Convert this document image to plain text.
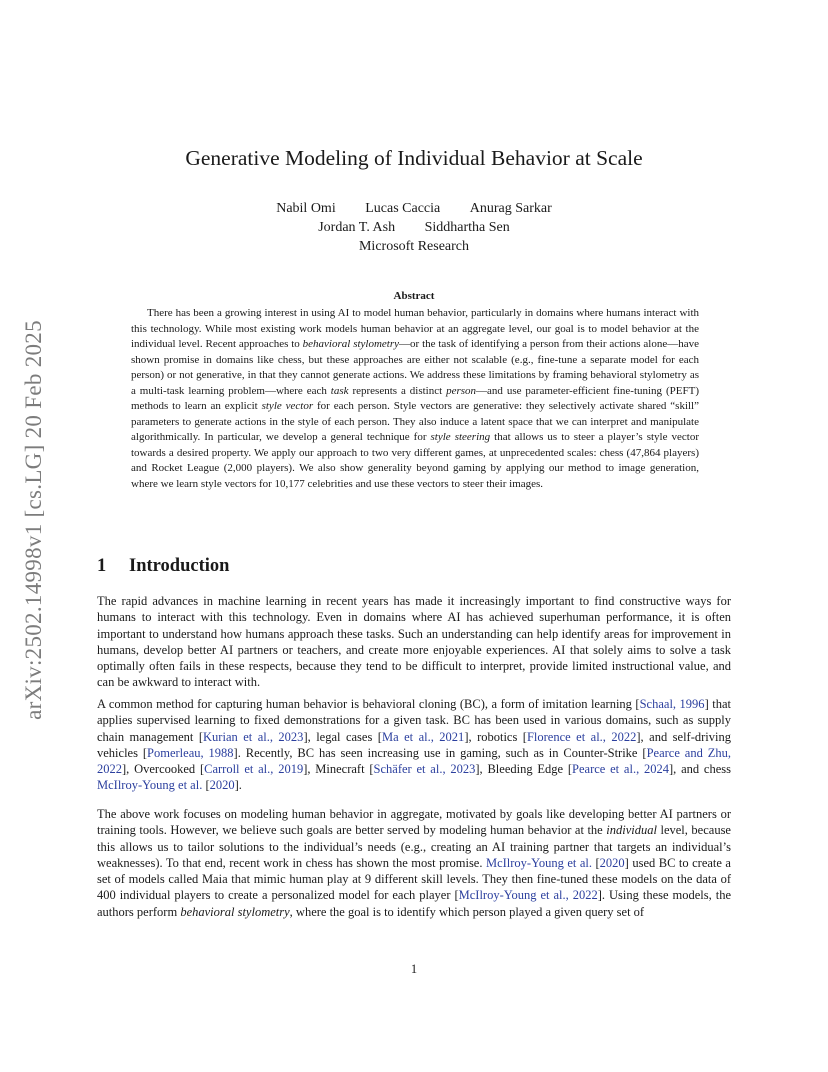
arXiv:2502.14998v1 [cs.LG] 20 Feb 2025
Generative Modeling of Individual Behavior at Scale
Nabil Omi Lucas Caccia Anurag Sarkar
Jordan T. Ash Siddhartha Sen
Microsoft Research
Abstract

There has been a growing interest in using AI to model human behavior, particularly in domains where humans interact with this technology. While most existing work models human behavior at an aggregate level, our goal is to model behavior at the individual level. Recent approaches to behavioral stylometry—or the task of identifying a person from their actions alone—have shown promise in domains like chess, but these approaches are either not scalable (e.g., fine-tune a separate model for each person) or not generative, in that they cannot generate actions. We address these limitations by framing behavioral stylometry as a multi-task learning problem—where each task represents a distinct person—and use parameter-efficient fine-tuning (PEFT) methods to learn an explicit style vector for each person. Style vectors are generative: they selectively activate shared “skill” parameters to generate actions in the style of each person. They also induce a latent space that we can interpret and manipulate algorithmically. In particular, we develop a general technique for style steering that allows us to steer a player’s style vector towards a desired property. We apply our approach to two very different games, at unprecedented scales: chess (47,864 players) and Rocket League (2,000 players). We also show generality beyond gaming by applying our method to image generation, where we learn style vectors for 10,177 celebrities and use these vectors to steer their images.

1 Introduction

The rapid advances in machine learning in recent years has made it increasingly important to find constructive ways for humans to interact with this technology. Even in domains where AI has achieved superhuman performance, it is often important to understand how humans approach these tasks. Such an understanding can help identify areas for improvement in humans, develop better AI partners or teachers, and create more enjoyable experiences. AI that solely aims to solve a task optimally often fails in these respects, because they tend to be difficult to interpret, provide limited instructional value, and can be awkward to interact with.

A common method for capturing human behavior is behavioral cloning (BC), a form of imitation learning [Schaal, 1996] that applies supervised learning to fixed demonstrations for a given task. BC has been used in various domains, such as supply chain management [Kurian et al., 2023], legal cases [Ma et al., 2021], robotics [Florence et al., 2022], and self-driving vehicles [Pomerleau, 1988]. Recently, BC has seen increasing use in gaming, such as in Counter-Strike [Pearce and Zhu, 2022], Overcooked [Carroll et al., 2019], Minecraft [Schäfer et al., 2023], Bleeding Edge [Pearce et al., 2024], and chess McIlroy-Young et al. [2020].

The above work focuses on modeling human behavior in aggregate, motivated by goals like developing better AI partners or training tools. However, we believe such goals are better served by modeling human behavior at the individual level, because this allows us to tailor solutions to the individual’s needs (e.g., creating an AI training partner that targets an individual’s weaknesses). To that end, recent work in chess has shown the most promise. McIlroy-Young et al. [2020] used BC to create a set of models called Maia that mimic human play at 9 different skill levels. They then fine-tuned these models on the data of 400 individual players to create a personalized model for each player [McIlroy-Young et al., 2022]. Using these models, the authors perform behavioral stylometry, where the goal is to identify which person played a given query set of

1
